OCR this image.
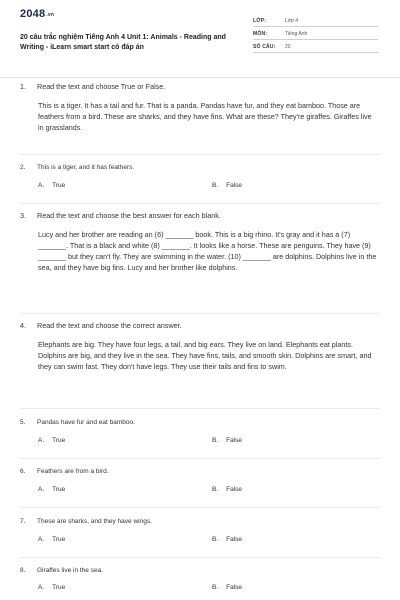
$2048^{.vn}$
20 câu trắc nghiệm Tiếng Anh 4 Unit 1: Animals - Reading and Writing - iLearn smart start có đáp án
LỚP:	Lớp 4
MÔN:	Tiếng Anh
SỐ CÂU: 20
1.	Read the text and choose True or False.
This is a tiger. It has a tail and fur. That is a panda. Pandas have fur, and they eat bamboo. Those are feathers from a bird. These are sharks, and they have fins. What are these? They're giraffes. Giraffes live in grasslands.
2.	This is a tiger, and it has feathers.
A. True	B. False
3.	Read the text and choose the best answer for each blank.
Lucy and her brother are reading an (6) _______ book. This is a big rhino. It's gray and it has a (7) _______. That is a black and white (8) _______. It looks like a horse. These are penguins. They have (9) _______ but they can't fly. They are swimming in the water. (10) _______ are dolphins. Dolphins live in the sea, and they have big fins. Lucy and her brother like dolphins.
4.	Read the text and choose the correct answer.
Elephants are big. They have four legs, a tail, and big ears. They live on land. Elephants eat plants. Dolphins are big, and they live in the sea. They have fins, tails, and smooth skin. Dolphins are smart, and they can swim fast. They don't have legs. They use their tails and fins to swim.
5.	Pandas have fur and eat bamboo.
A. True	B. False
6.	Feathers are from a bird.
A. True	B. False
7.	These are sharks, and they have wings.
A. True	B. False
8.	Giraffes live in the sea.
A. True	B. False
